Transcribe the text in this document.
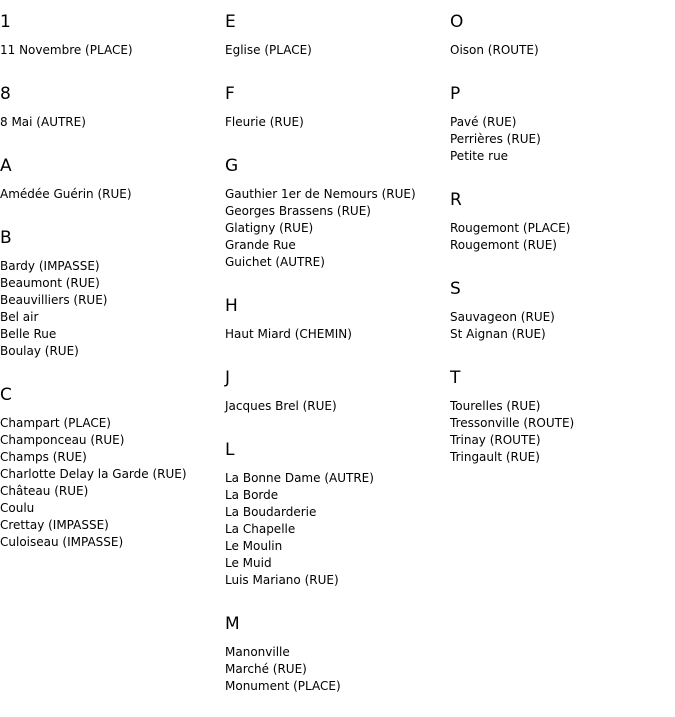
1
11 Novembre (PLACE)
8
8 Mai (AUTRE)
A
Amédée Guérin (RUE)
B
Bardy (IMPASSE)
Beaumont (RUE)
Beauvilliers (RUE)
Bel air
Belle Rue
Boulay (RUE)
C
Champart (PLACE)
Champonceau (RUE)
Champs (RUE)
Charlotte Delay la Garde (RUE)
Château (RUE)
Coulu
Crettay (IMPASSE)
Culoiseau (IMPASSE)
E
Eglise (PLACE)
F
Fleurie (RUE)
G
Gauthier 1er de Nemours (RUE)
Georges Brassens (RUE)
Glatigny (RUE)
Grande Rue
Guichet (AUTRE)
H
Haut Miard (CHEMIN)
J
Jacques Brel (RUE)
L
La Bonne Dame (AUTRE)
La Borde
La Boudarderie
La Chapelle
Le Moulin
Le Muid
Luis Mariano (RUE)
M
Manonville
Marché (RUE)
Monument (PLACE)
O
Oison (ROUTE)
P
Pavé (RUE)
Perrières (RUE)
Petite rue
R
Rougemont (PLACE)
Rougemont (RUE)
S
Sauvageon (RUE)
St Aignan (RUE)
T
Tourelles (RUE)
Tressonville (ROUTE)
Trinay (ROUTE)
Tringault (RUE)
